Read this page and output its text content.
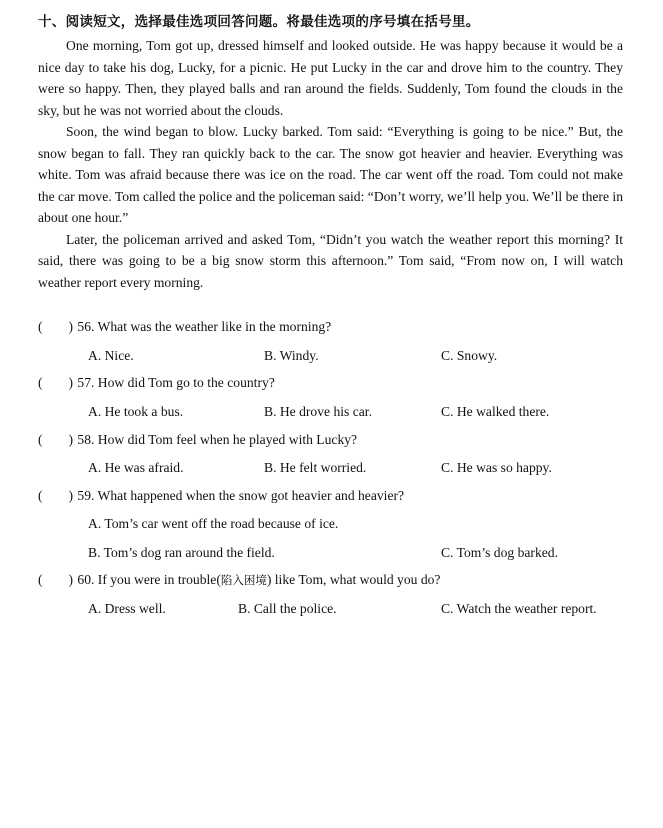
十、阅读短文，选择最佳选项回答问题。将最佳选项的序号填在括号里。

One morning, Tom got up, dressed himself and looked outside. He was happy because it would be a nice day to take his dog, Lucky, for a picnic. He put Lucky in the car and drove him to the country. They were so happy. Then, they played balls and ran around the fields. Suddenly, Tom found the clouds in the sky, but he was not worried about the clouds.

Soon, the wind began to blow. Lucky barked. Tom said: “Everything is going to be nice.” But, the snow began to fall. They ran quickly back to the car. The snow got heavier and heavier. Everything was white. Tom was afraid because there was ice on the road. The car went off the road. Tom could not make the car move. Tom called the police and the policeman said: “Don’t worry, we’ll help you. We’ll be there in about one hour.”

Later, the policeman arrived and asked Tom, “Didn’t you watch the weather report this morning? It said, there was going to be a big snow storm this afternoon.” Tom said, “From now on, I will watch weather report every morning.

( ) 56. What was the weather like in the morning?
A. Nice.	B. Windy.	C. Snowy.
( ) 57. How did Tom go to the country?
A. He took a bus.	B. He drove his car.	C. He walked there.
( ) 58. How did Tom feel when he played with Lucky?
A. He was afraid.	B. He felt worried.	C. He was so happy.
( ) 59. What happened when the snow got heavier and heavier?
A. Tom’s car went off the road because of ice.
B. Tom’s dog ran around the field.	C. Tom’s dog barked.
( ) 60. If you were in trouble(陷入困境) like Tom, what would you do?
A. Dress well.	B. Call the police.	C. Watch the weather report.
